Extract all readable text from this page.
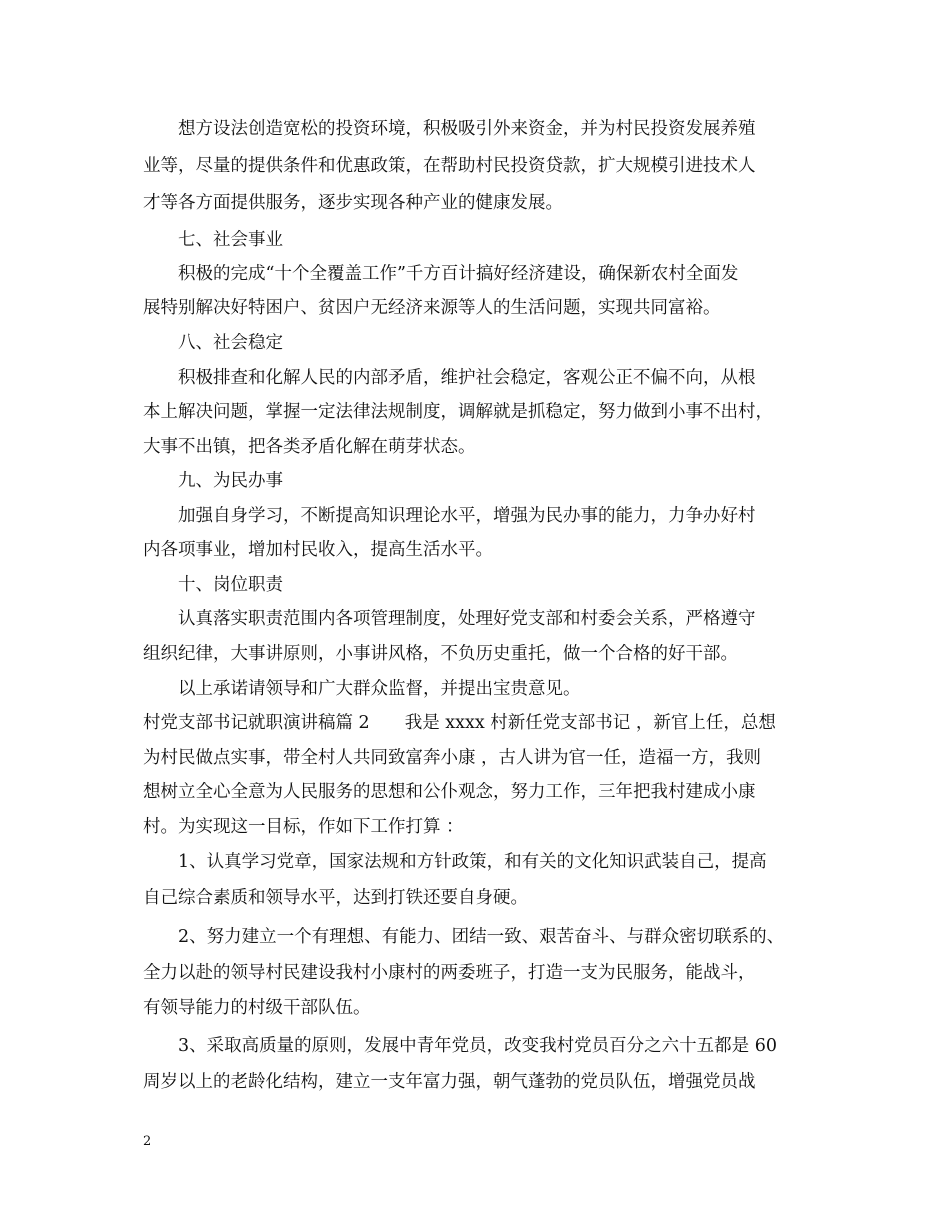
想方设法创造宽松的投资环境，积极吸引外来资金，并为村民投资发展养殖
业等，尽量的提供条件和优惠政策，在帮助村民投资贷款，扩大规模引进技术人
才等各方面提供服务，逐步实现各种产业的健康发展。
七、社会事业
积极的完成“十个全覆盖工作”千方百计搞好经济建设，确保新农村全面发
展特别解决好特困户、贫因户无经济来源等人的生活问题，实现共同富裕。
八、社会稳定
积极排查和化解人民的内部矛盾，维护社会稳定，客观公正不偏不向，从根
本上解决问题，掌握一定法律法规制度，调解就是抓稳定，努力做到小事不出村，
大事不出镇，把各类矛盾化解在萌芽状态。
九、为民办事
加强自身学习，不断提高知识理论水平，增强为民办事的能力，力争办好村
内各项事业，增加村民收入，提高生活水平。
十、岗位职责
认真落实职责范围内各项管理制度，处理好党支部和村委会关系，严格遵守
组织纪律，大事讲原则，小事讲风格，不负历史重托，做一个合格的好干部。
以上承诺请领导和广大群众监督，并提出宝贵意见。
村党支部书记就职演讲稿篇 2　　我是 xxxx 村新任党支部书记 ，新官上任，总想
为村民做点实事，带全村人共同致富奔小康 ，古人讲为官一任，造福一方，我则
想树立全心全意为人民服务的思想和公仆观念，努力工作，三年把我村建成小康
村。为实现这一目标，作如下工作打算 ：
1、认真学习党章，国家法规和方针政策，和有关的文化知识武装自己，提高
自己综合素质和领导水平，达到打铁还要自身硬。
2、努力建立一个有理想、有能力、团结一致、艰苦奋斗、与群众密切联系的、
全力以赴的领导村民建设我村小康村的两委班子，打造一支为民服务，能战斗，
有领导能力的村级干部队伍。
3、采取高质量的原则，发展中青年党员，改变我村党员百分之六十五都是 60
周岁以上的老龄化结构，建立一支年富力强，朝气蓬勃的党员队伍，增强党员战
2
